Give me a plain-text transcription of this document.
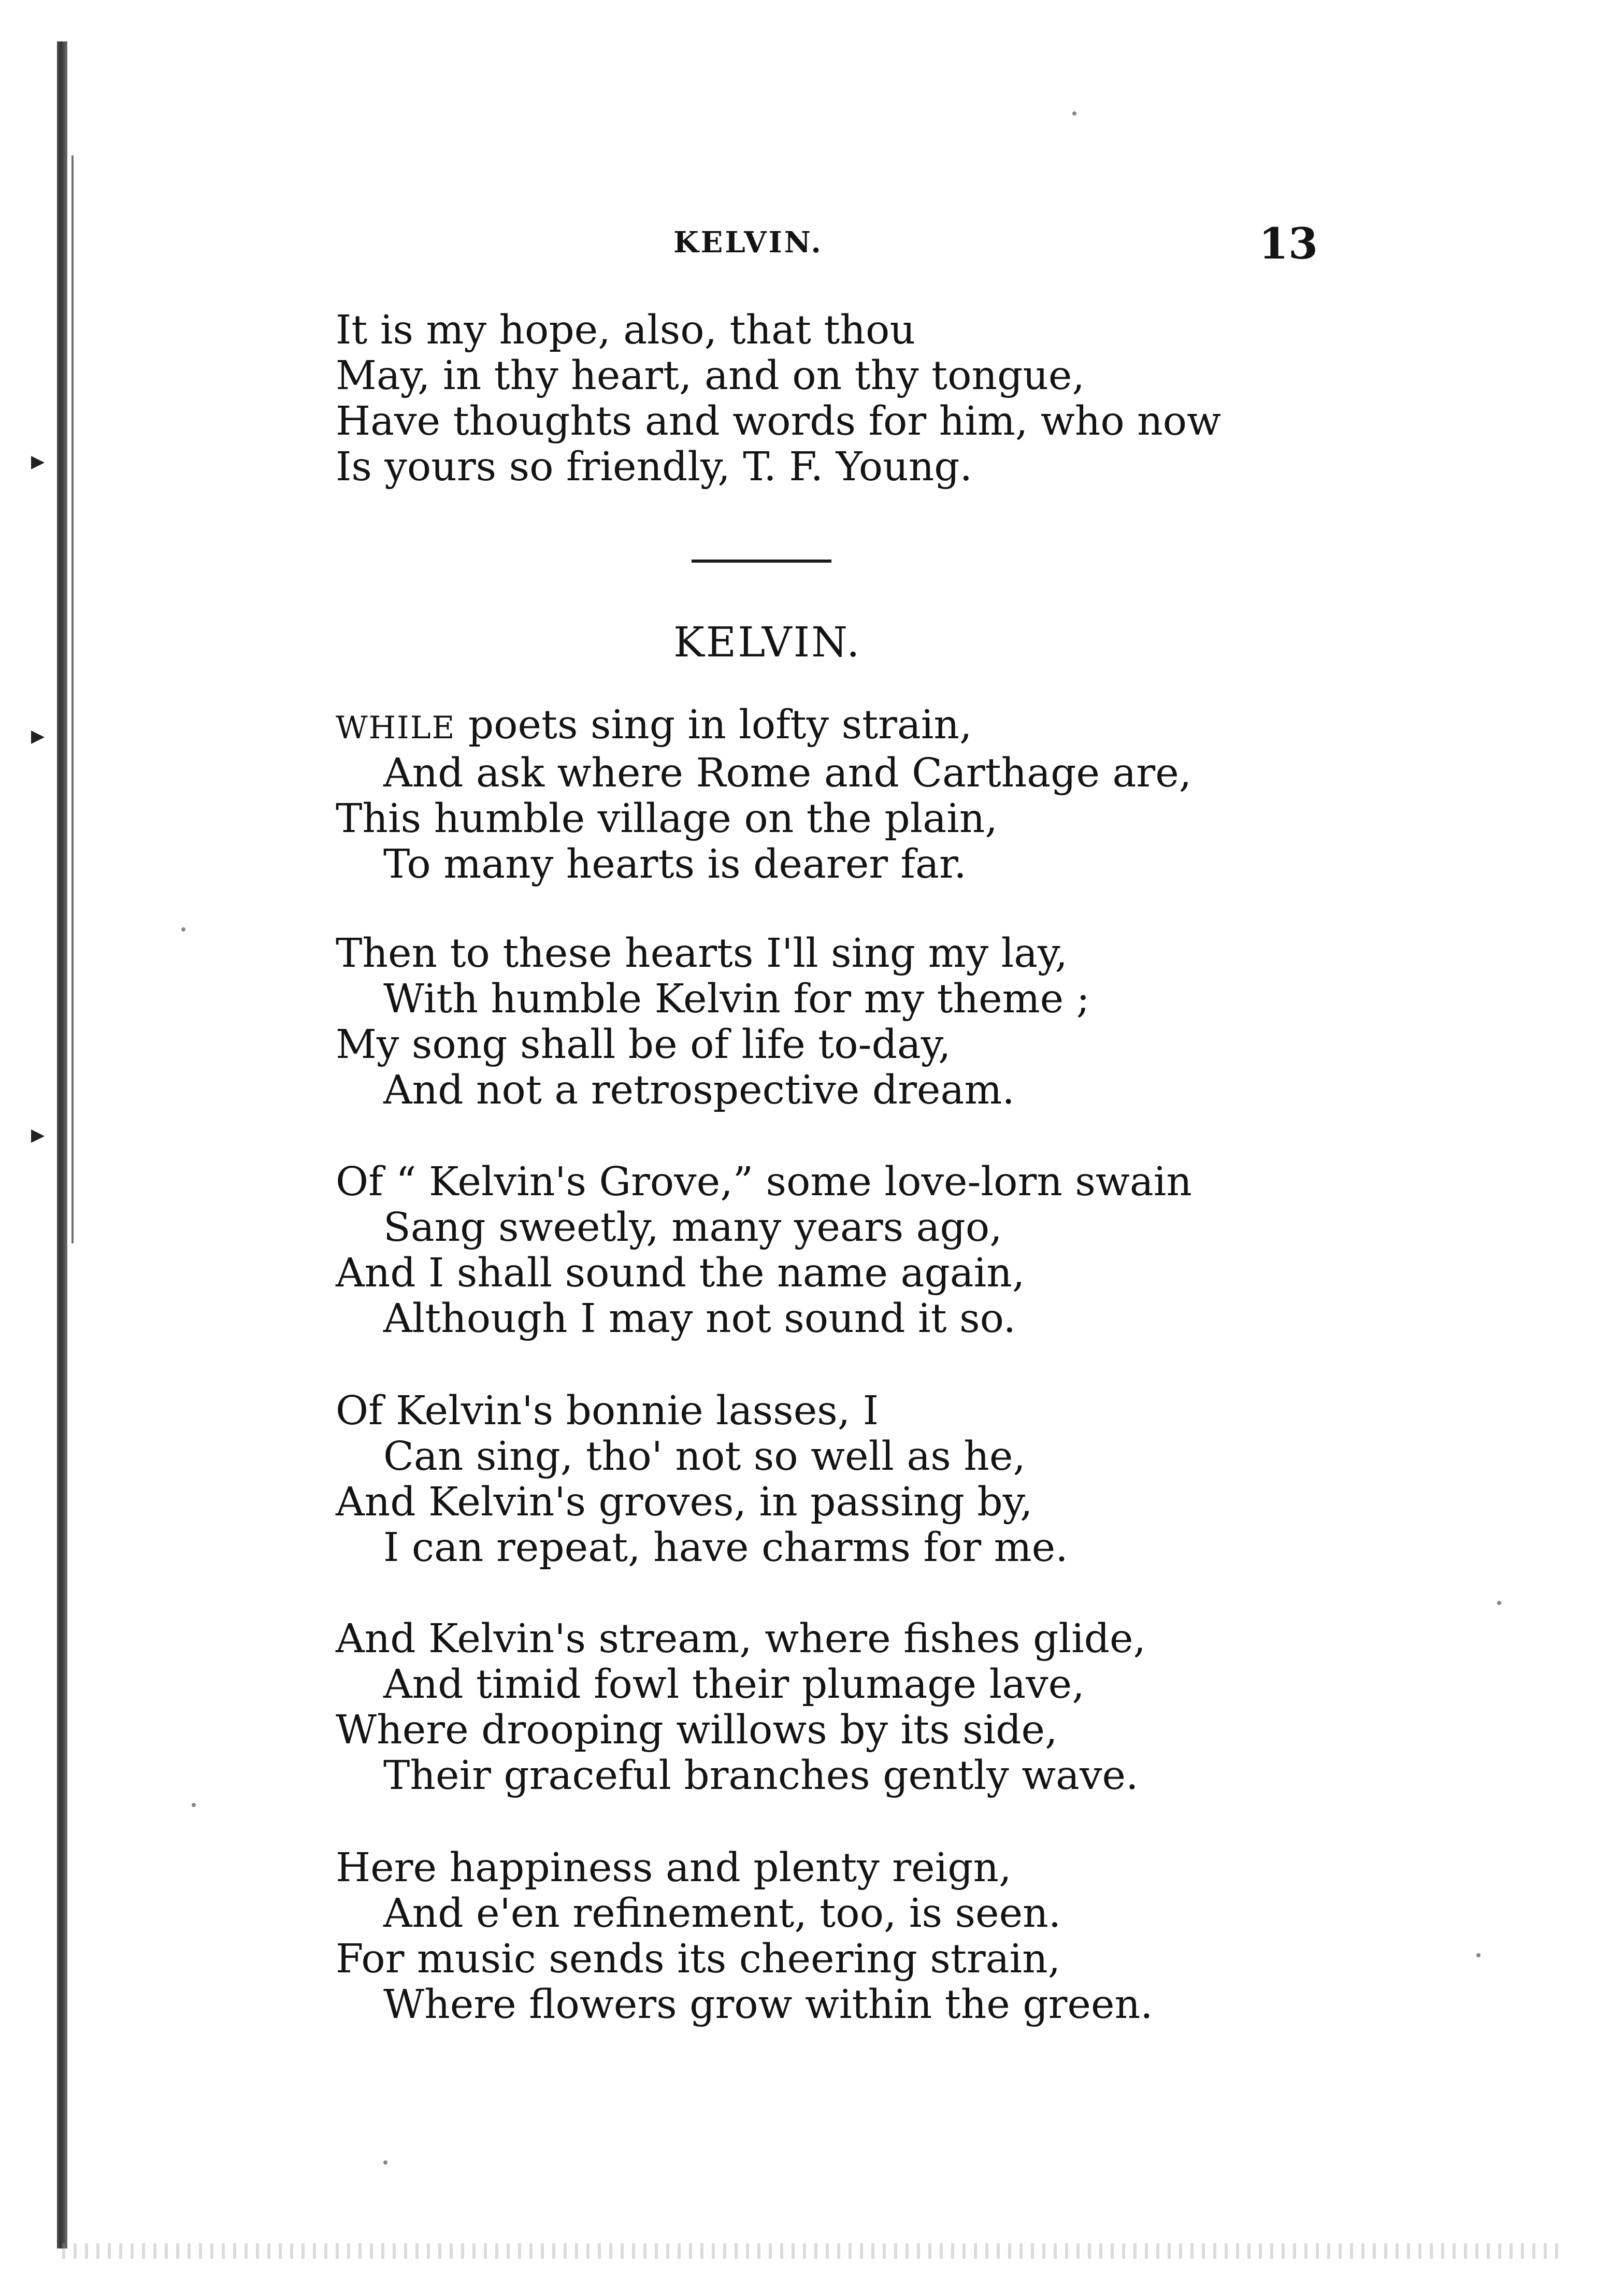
KELVIN.	13
It is my hope, also, that thou
May, in thy heart, and on thy tongue,
Have thoughts and words for him, who now
Is yours so friendly, T. F. Young.
KELVIN.
WHILE poets sing in lofty strain,
And ask where Rome and Carthage are,
This humble village on the plain,
To many hearts is dearer far.
Then to these hearts I'll sing my lay,
With humble Kelvin for my theme ;
My song shall be of life to-day,
And not a retrospective dream.
Of “ Kelvin's Grove,” some love-lorn swain
Sang sweetly, many years ago,
And I shall sound the name again,
Although I may not sound it so.
Of Kelvin's bonnie lasses, I
Can sing, tho' not so well as he,
And Kelvin's groves, in passing by,
I can repeat, have charms for me.
And Kelvin's stream, where fishes glide,
And timid fowl their plumage lave,
Where drooping willows by its side,
Their graceful branches gently wave.
Here happiness and plenty reign,
And e'en refinement, too, is seen.
For music sends its cheering strain,
Where flowers grow within the green.
